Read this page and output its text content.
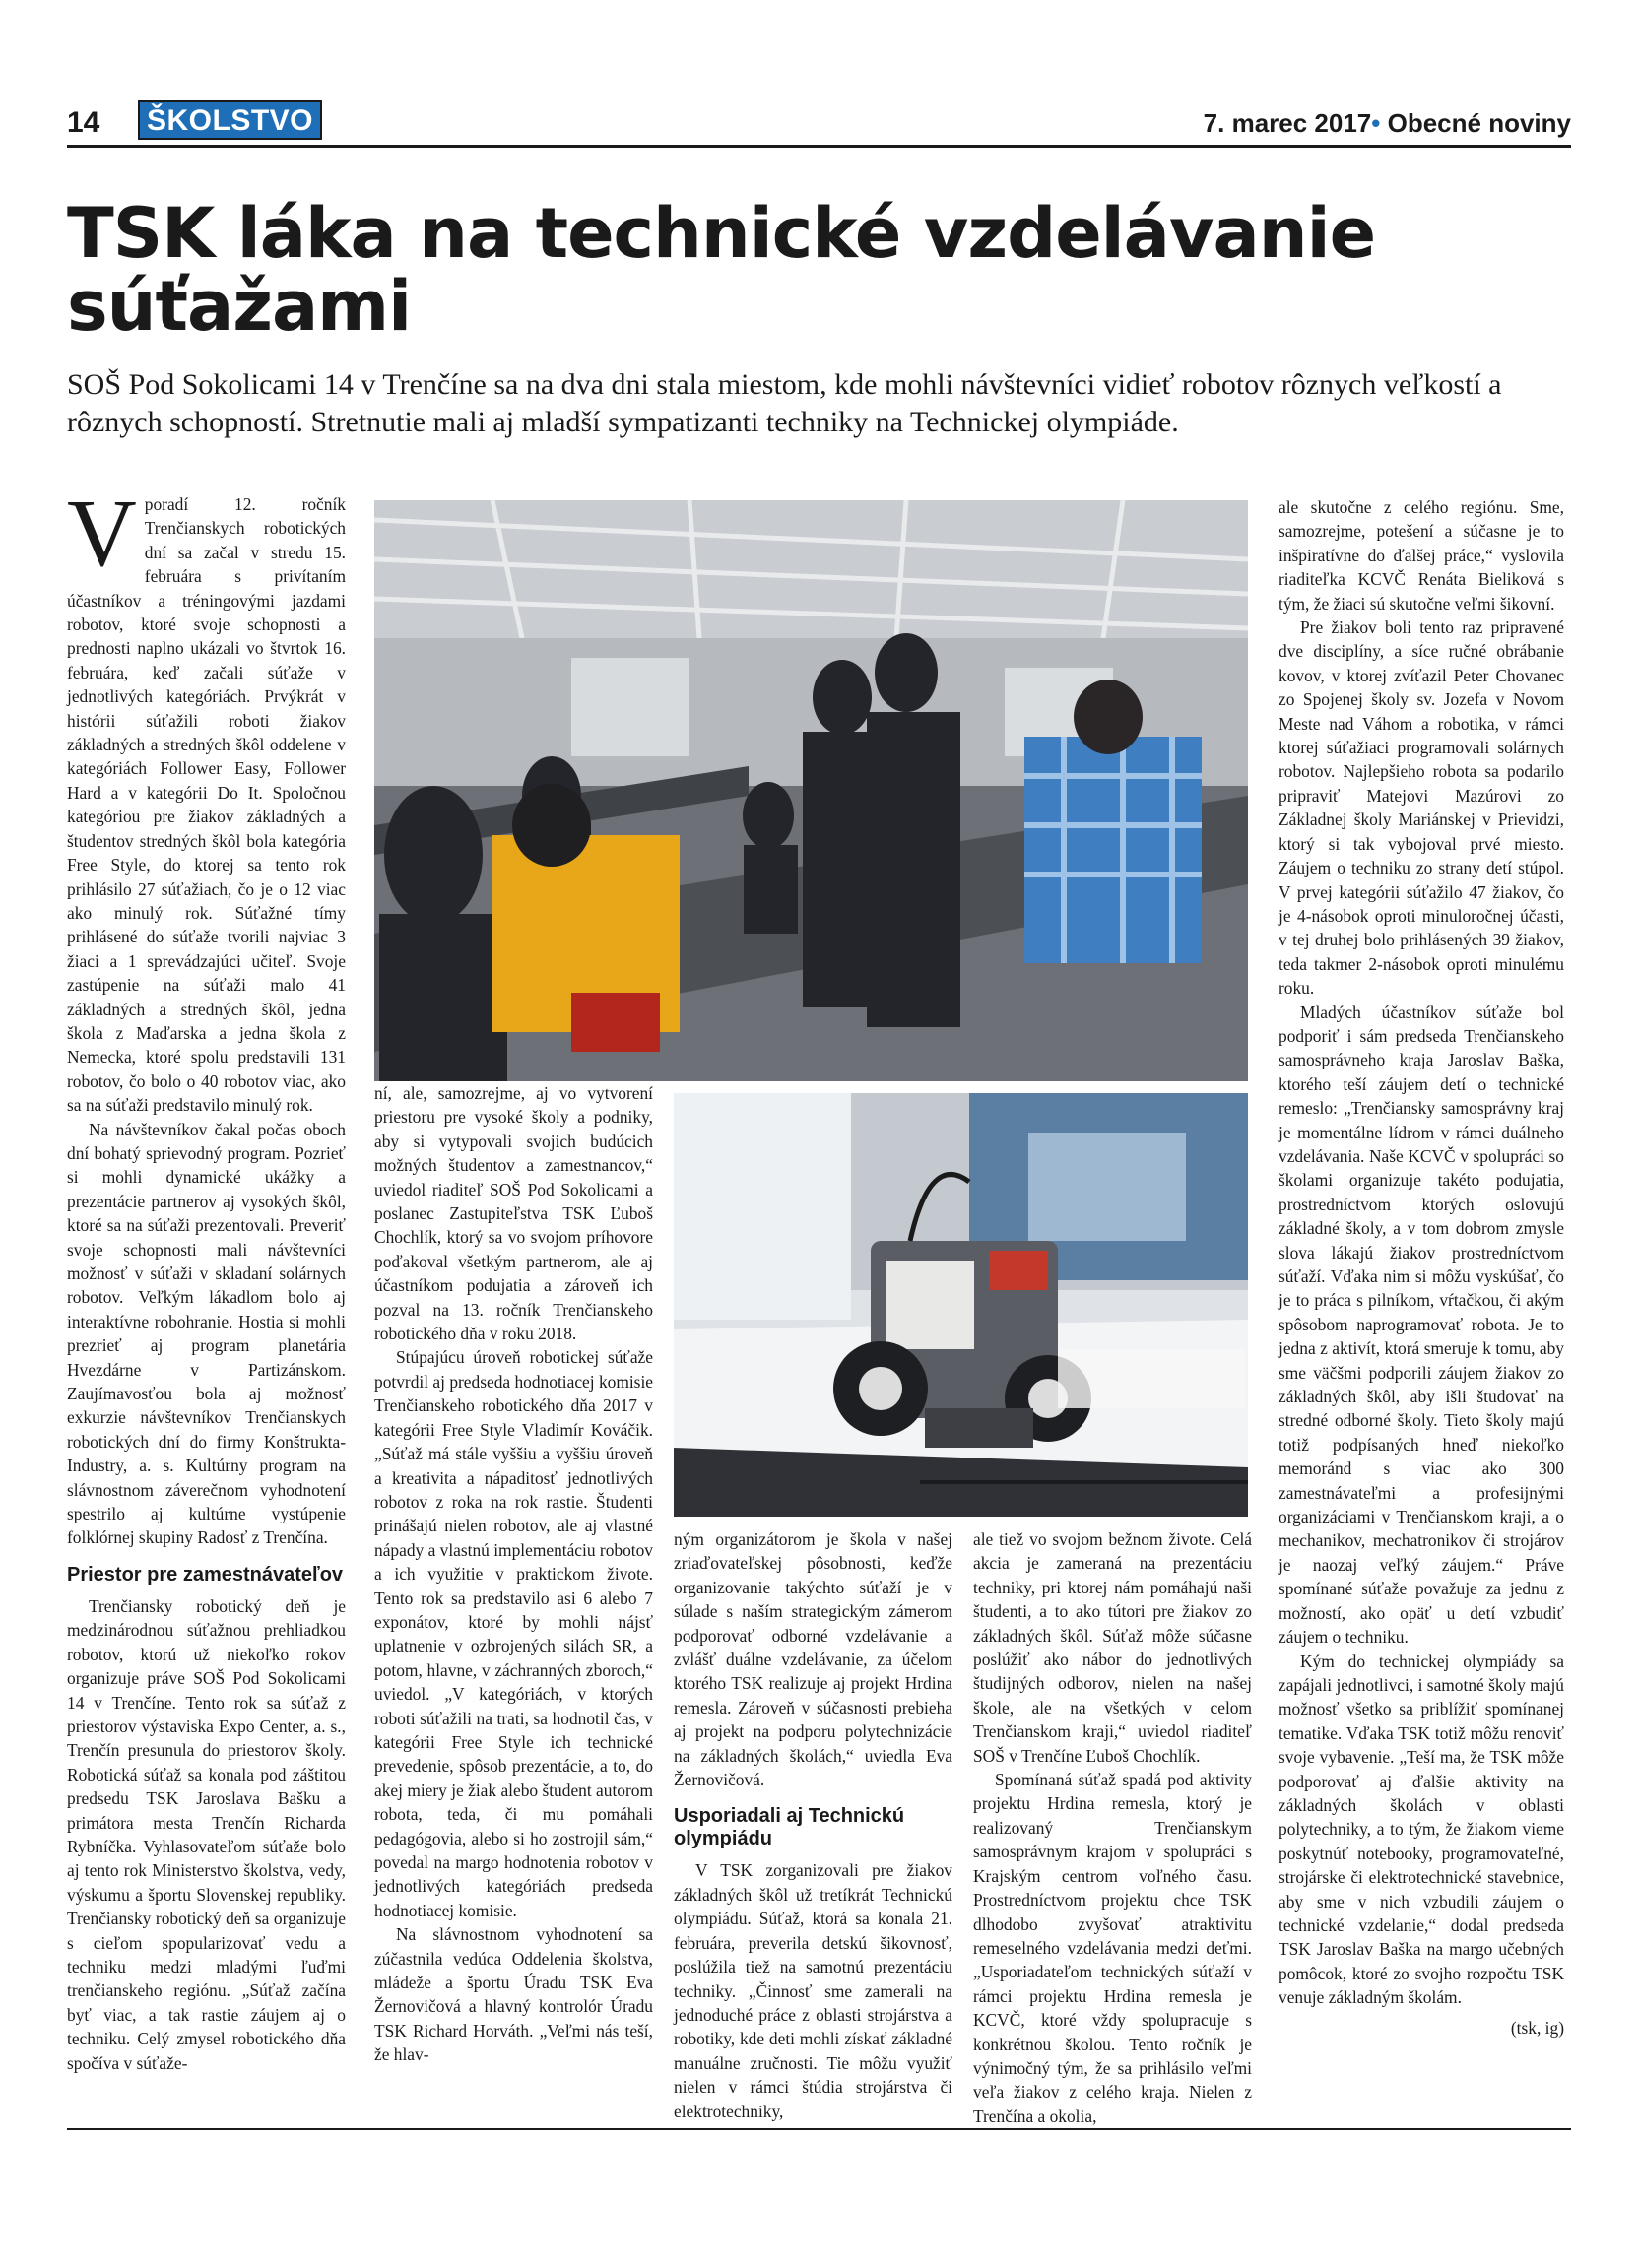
14	ŠKOLSTVO	7. marec 2017• Obecné noviny
TSK láka na technické vzdelávanie súťažami

SOŠ Pod Sokolicami 14 v Trenčíne sa na dva dni stala miestom, kde mohli návštevníci vidieť robotov rôznych veľkostí a rôznych schopností. Stretnutie mali aj mladší sympatizanti techniky na Technickej olympiáde.

Vporadí 12. ročník Trenčianskych robotických dní sa začal v stredu 15. februára s privítaním účastníkov a tréningovými jazdami robotov, ktoré svoje schopnosti a prednosti naplno ukázali vo štvrtok 16. februára, keď začali súťaže v jednotlivých kategóriách. Prvýkrát v histórii súťažili roboti žiakov základných a stredných škôl oddelene v kategóriách Follower Easy, Follower Hard a v kategórii Do It. Spoločnou kategóriou pre žiakov základných a študentov stredných škôl bola kategória Free Style, do ktorej sa tento rok prihlásilo 27 súťažiach, čo je o 12 viac ako minulý rok. Súťažné tímy prihlásené do súťaže tvorili najviac 3 žiaci a 1 sprevádzajúci učiteľ. Svoje zastúpenie na súťaži malo 41 základných a stredných škôl, jedna škola z Maďarska a jedna škola z Nemecka, ktoré spolu predstavili 131 robotov, čo bolo o 40 robotov viac, ako sa na súťaži predstavilo minulý rok.

Na návštevníkov čakal počas oboch dní bohatý sprievodný program. Pozrieť si mohli dynamické ukážky a prezentácie partnerov aj vysokých škôl, ktoré sa na súťaži prezentovali. Preveriť svoje schopnosti mali návštevníci možnosť v súťaži v skladaní solárnych robotov. Veľkým lákadlom bolo aj interaktívne robohranie. Hostia si mohli prezrieť aj program planetária Hvezdárne v Partizánskom. Zaujímavosťou bola aj možnosť exkurzie návštevníkov Trenčianskych robotických dní do firmy Konštrukta-Industry, a. s. Kultúrny program na slávnostnom záverečnom vyhodnotení spestrilo aj kultúrne vystúpenie folklórnej skupiny Radosť z Trenčína.

Priestor pre zamestnávateľov

Trenčiansky robotický deň je medzinárodnou súťažnou prehliadkou robotov, ktorú už niekoľko rokov organizuje práve SOŠ Pod Sokolicami 14 v Trenčíne. Tento rok sa súťaž z priestorov výstaviska Expo Center, a. s., Trenčín presunula do priestorov školy. Robotická súťaž sa konala pod záštitou predsedu TSK Jaroslava Bašku a primátora mesta Trenčín Richarda Rybníčka. Vyhlasovateľom súťaže bolo aj tento rok Ministerstvo školstva, vedy, výskumu a športu Slovenskej republiky. Trenčiansky robotický deň sa organizuje s cieľom spopularizovať vedu a techniku medzi mladými ľuďmi trenčianskeho regiónu. „Súťaž začína byť viac, a tak rastie záujem aj o techniku. Celý zmysel robotického dňa spočíva v súťaže-

ní, ale, samozrejme, aj vo vytvorení priestoru pre vysoké školy a podniky, aby si vytypovali svojich budúcich možných študentov a zamestnancov,“ uviedol riaditeľ SOŠ Pod Sokolicami a poslanec Zastupiteľstva TSK Ľuboš Chochlík, ktorý sa vo svojom príhovore poďakoval všetkým partnerom, ale aj účastníkom podujatia a zároveň ich pozval na 13. ročník Trenčianskeho robotického dňa v roku 2018.

Stúpajúcu úroveň robotickej súťaže potvrdil aj predseda hodnotiacej komisie Trenčianskeho robotického dňa 2017 v kategórii Free Style Vladimír Kováčik. „Súťaž má stále vyššiu a vyššiu úroveň a kreativita a nápaditosť jednotlivých robotov z roka na rok rastie. Študenti prinášajú nielen robotov, ale aj vlastné nápady a vlastnú implementáciu robotov a ich využitie v praktickom živote. Tento rok sa predstavilo asi 6 alebo 7 exponátov, ktoré by mohli nájsť uplatnenie v ozbrojených silách SR, a potom, hlavne, v záchranných zboroch,“ uviedol. „V kategóriách, v ktorých roboti súťažili na trati, sa hodnotil čas, v kategórii Free Style ich technické prevedenie, spôsob prezentácie, a to, do akej miery je žiak alebo študent autorom robota, teda, či mu pomáhali pedagógovia, alebo si ho zostrojil sám,“ povedal na margo hodnotenia robotov v jednotlivých kategóriách predseda hodnotiacej komisie.

Na slávnostnom vyhodnotení sa zúčastnila vedúca Oddelenia školstva, mládeže a športu Úradu TSK Eva Žernovičová a hlavný kontrolór Úradu TSK Richard Horváth. „Veľmi nás teší, že hlav-

ným organizátorom je škola v našej zriaďovateľskej pôsobnosti, keďže organizovanie takýchto súťaží je v súlade s naším strategickým zámerom podporovať odborné vzdelávanie a zvlášť duálne vzdelávanie, za účelom ktorého TSK realizuje aj projekt Hrdina remesla. Zároveň v súčasnosti prebieha aj projekt na podporu polytechnizácie na základných školách,“ uviedla Eva Žernovičová.

Usporiadali aj Technickú olympiádu

V TSK zorganizovali pre žiakov základných škôl už tretíkrát Technickú olympiádu. Súťaž, ktorá sa konala 21. februára, preverila detskú šikovnosť, poslúžila tiež na samotnú prezentáciu techniky. „Činnosť sme zamerali na jednoduché práce z oblasti strojárstva a robotiky, kde deti mohli získať základné manuálne zručnosti. Tie môžu využiť nielen v rámci štúdia strojárstva či elektrotechniky,

ale tiež vo svojom bežnom živote. Celá akcia je zameraná na prezentáciu techniky, pri ktorej nám pomáhajú naši študenti, a to ako tútori pre žiakov zo základných škôl. Súťaž môže súčasne poslúžiť ako nábor do jednotlivých študijných odborov, nielen na našej škole, ale na všetkých v celom Trenčianskom kraji,“ uviedol riaditeľ SOŠ v Trenčíne Ľuboš Chochlík.

Spomínaná súťaž spadá pod aktivity projektu Hrdina remesla, ktorý je realizovaný Trenčianskym samosprávnym krajom v spolupráci s Krajským centrom voľného času. Prostredníctvom projektu chce TSK dlhodobo zvyšovať atraktivitu remeselného vzdelávania medzi deťmi. „Usporiadateľom technických súťaží v rámci projektu Hrdina remesla je KCVČ, ktoré vždy spolupracuje s konkrétnou školou. Tento ročník je výnimočný tým, že sa prihlásilo veľmi veľa žiakov z celého kraja. Nielen z Trenčína a okolia,

ale skutočne z celého regiónu. Sme, samozrejme, potešení a súčasne je to inšpiratívne do ďalšej práce,“ vyslovila riaditeľka KCVČ Renáta Bieliková s tým, že žiaci sú skutočne veľmi šikovní.

Pre žiakov boli tento raz pripravené dve disciplíny, a síce ručné obrábanie kovov, v ktorej zvíťazil Peter Chovanec zo Spojenej školy sv. Jozefa v Novom Meste nad Váhom a robotika, v rámci ktorej súťažiaci programovali solárnych robotov. Najlepšieho robota sa podarilo pripraviť Matejovi Mazúrovi zo Základnej školy Mariánskej v Prievidzi, ktorý si tak vybojoval prvé miesto. Záujem o techniku zo strany detí stúpol. V prvej kategórii súťažilo 47 žiakov, čo je 4-násobok oproti minuloročnej účasti, v tej druhej bolo prihlásených 39 žiakov, teda takmer 2-násobok oproti minulému roku.

Mladých účastníkov súťaže bol podporiť i sám predseda Trenčianskeho samosprávneho kraja Jaroslav Baška, ktorého teší záujem detí o technické remeslo: „Trenčiansky samosprávny kraj je momentálne lídrom v rámci duálneho vzdelávania. Naše KCVČ v spolupráci so školami organizuje takéto podujatia, prostredníctvom ktorých oslovujú základné školy, a v tom dobrom zmysle slova lákajú žiakov prostredníctvom súťaží. Vďaka nim si môžu vyskúšať, čo je to práca s pilníkom, vŕtačkou, či akým spôsobom naprogramovať robota. Je to jedna z aktivít, ktorá smeruje k tomu, aby sme väčšmi podporili záujem žiakov zo základných škôl, aby išli študovať na stredné odborné školy. Tieto školy majú totiž podpísaných hneď niekoľko memoránd s viac ako 300 zamestnávateľmi a profesijnými organizáciami v Trenčianskom kraji, a o mechanikov, mechatronikov či strojárov je naozaj veľký záujem.“ Práve spomínané súťaže považuje za jednu z možností, ako opäť u detí vzbudiť záujem o techniku.

Kým do technickej olympiády sa zapájali jednotlivci, i samotné školy majú možnosť všetko sa priblížiť spomínanej tematike. Vďaka TSK totiž môžu renoviť svoje vybavenie. „Teší ma, že TSK môže podporovať aj ďalšie aktivity na základných školách v oblasti polytechniky, a to tým, že žiakom vieme poskytnúť notebooky, programovateľné, strojárske či elektrotechnické stavebnice, aby sme v nich vzbudili záujem o technické vzdelanie,“ dodal predseda TSK Jaroslav Baška na margo učebných pomôcok, ktoré zo svojho rozpočtu TSK venuje základným školám.

(tsk, ig)
